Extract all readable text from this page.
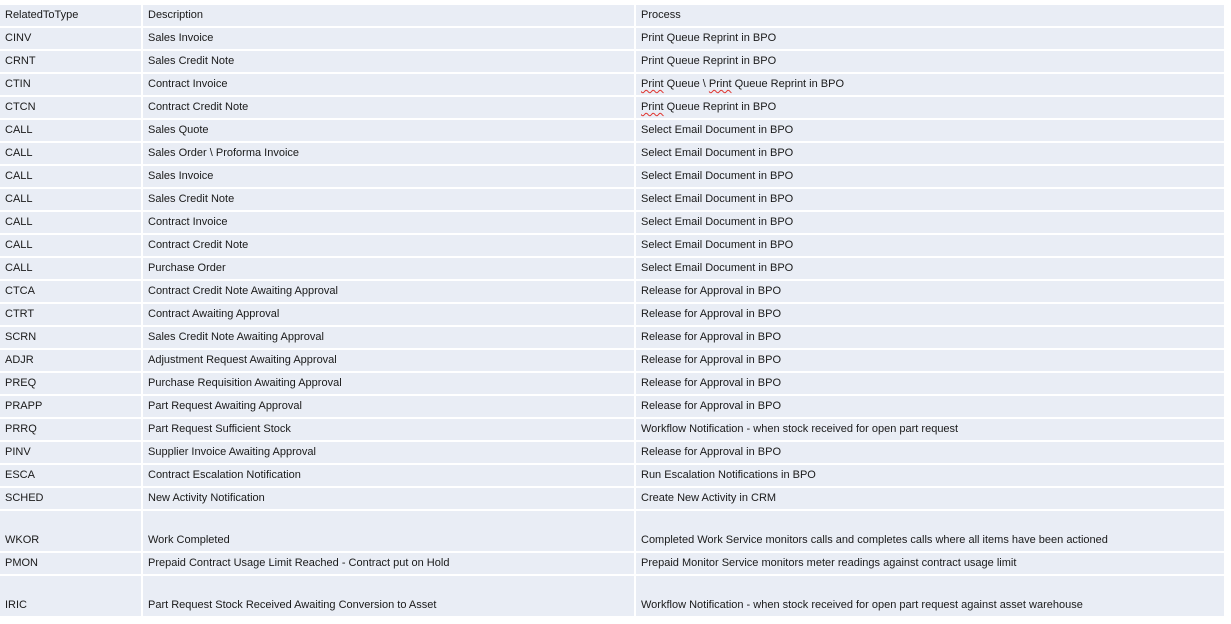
RelatedToType	Description	Process
CINV	Sales Invoice	Print Queue Reprint in BPO
CRNT	Sales Credit Note	Print Queue Reprint in BPO
CTIN	Contract Invoice	Print Queue \ Print Queue Reprint in BPO
CTCN	Contract Credit Note	Print Queue Reprint in BPO
CALL	Sales Quote	Select Email Document in BPO
CALL	Sales Order \ Proforma Invoice	Select Email Document in BPO
CALL	Sales Invoice	Select Email Document in BPO
CALL	Sales Credit Note	Select Email Document in BPO
CALL	Contract Invoice	Select Email Document in BPO
CALL	Contract Credit Note	Select Email Document in BPO
CALL	Purchase Order	Select Email Document in BPO
CTCA	Contract Credit Note Awaiting Approval	Release for Approval in BPO
CTRT	Contract Awaiting Approval	Release for Approval in BPO
SCRN	Sales Credit Note Awaiting Approval	Release for Approval in BPO
ADJR	Adjustment Request Awaiting Approval	Release for Approval in BPO
PREQ	Purchase Requisition Awaiting Approval	Release for Approval in BPO
PRAPP	Part Request Awaiting Approval	Release for Approval in BPO
PRRQ	Part Request Sufficient Stock	Workflow Notification - when stock received for open part request
PINV	Supplier Invoice Awaiting Approval	Release for Approval in BPO
ESCA	Contract Escalation Notification	Run Escalation Notifications in BPO
SCHED	New Activity Notification	Create New Activity in CRM
WKOR	Work Completed	Completed Work Service monitors calls and completes calls where all items have been actioned
PMON	Prepaid Contract Usage Limit Reached - Contract put on Hold	Prepaid Monitor Service monitors meter readings against contract usage limit
IRIC	Part Request Stock Received Awaiting Conversion to Asset	Workflow Notification - when stock received for open part request against asset warehouse
